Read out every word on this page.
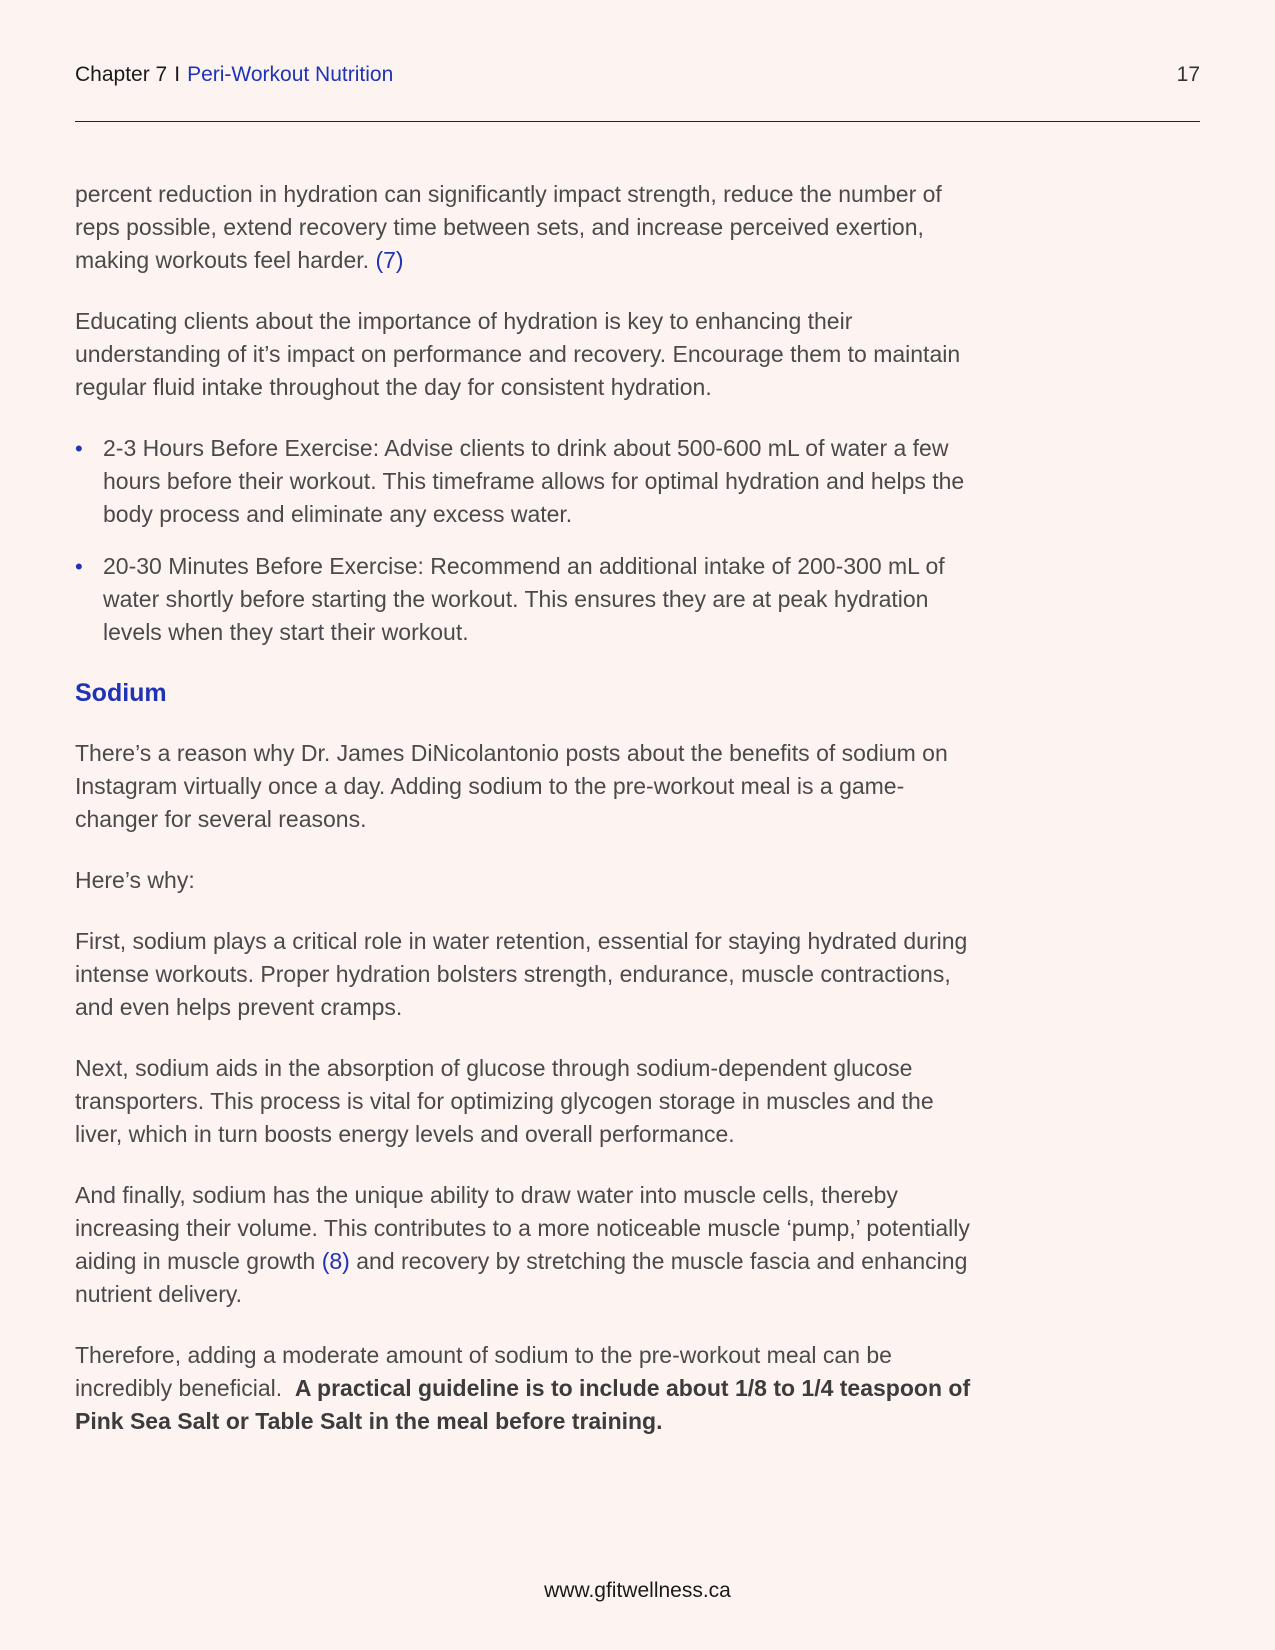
Chapter 7 I Peri-Workout Nutrition	17

percent reduction in hydration can significantly impact strength, reduce the number of reps possible, extend recovery time between sets, and increase perceived exertion, making workouts feel harder. (7)

Educating clients about the importance of hydration is key to enhancing their understanding of it’s impact on performance and recovery. Encourage them to maintain regular fluid intake throughout the day for consistent hydration.

• 2-3 Hours Before Exercise: Advise clients to drink about 500-600 mL of water a few hours before their workout. This timeframe allows for optimal hydration and helps the body process and eliminate any excess water.
• 20-30 Minutes Before Exercise: Recommend an additional intake of 200-300 mL of water shortly before starting the workout. This ensures they are at peak hydration levels when they start their workout.
Sodium

There’s a reason why Dr. James DiNicolantonio posts about the benefits of sodium on Instagram virtually once a day. Adding sodium to the pre-workout meal is a game-changer for several reasons.

Here’s why:

First, sodium plays a critical role in water retention, essential for staying hydrated during intense workouts. Proper hydration bolsters strength, endurance, muscle contractions, and even helps prevent cramps.

Next, sodium aids in the absorption of glucose through sodium-dependent glucose transporters. This process is vital for optimizing glycogen storage in muscles and the liver, which in turn boosts energy levels and overall performance.

And finally, sodium has the unique ability to draw water into muscle cells, thereby increasing their volume. This contributes to a more noticeable muscle ‘pump,’ potentially aiding in muscle growth (8) and recovery by stretching the muscle fascia and enhancing nutrient delivery.

Therefore, adding a moderate amount of sodium to the pre-workout meal can be incredibly beneficial. A practical guideline is to include about 1/8 to 1/4 teaspoon of Pink Sea Salt or Table Salt in the meal before training.

www.gfitwellness.ca
